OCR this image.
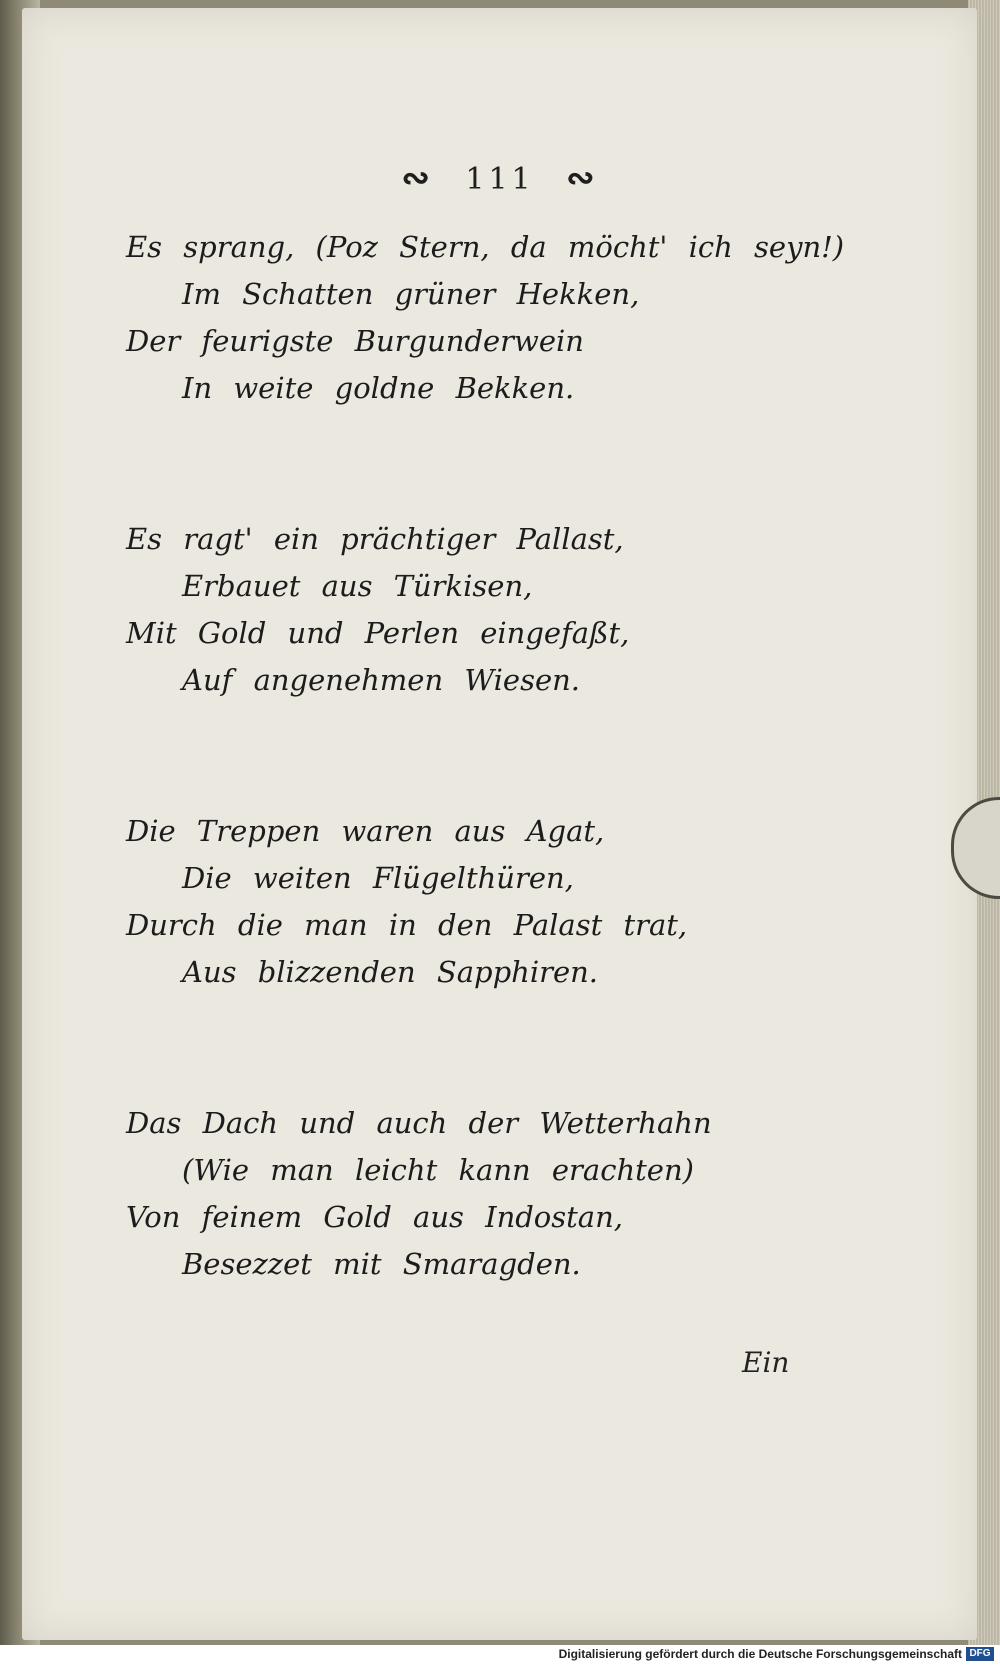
∾ 111 ∾
Es sprang, (Poz Stern, da möcht' ich seyn!)
Im Schatten grüner Hekken,
Der feurigste Burgunderwein
In weite goldne Bekken.
Es ragt' ein prächtiger Pallast,
Erbauet aus Türkisen,
Mit Gold und Perlen eingefaßt,
Auf angenehmen Wiesen.
Die Treppen waren aus Agat,
Die weiten Flügelthüren,
Durch die man in den Palast trat,
Aus blizzenden Sapphiren.
Das Dach und auch der Wetterhahn
(Wie man leicht kann erachten)
Von feinem Gold aus Indostan,
Besezzet mit Smaragden.
Ein
Digitalisierung gefördert durch die Deutsche Forschungsgemeinschaft DFG
